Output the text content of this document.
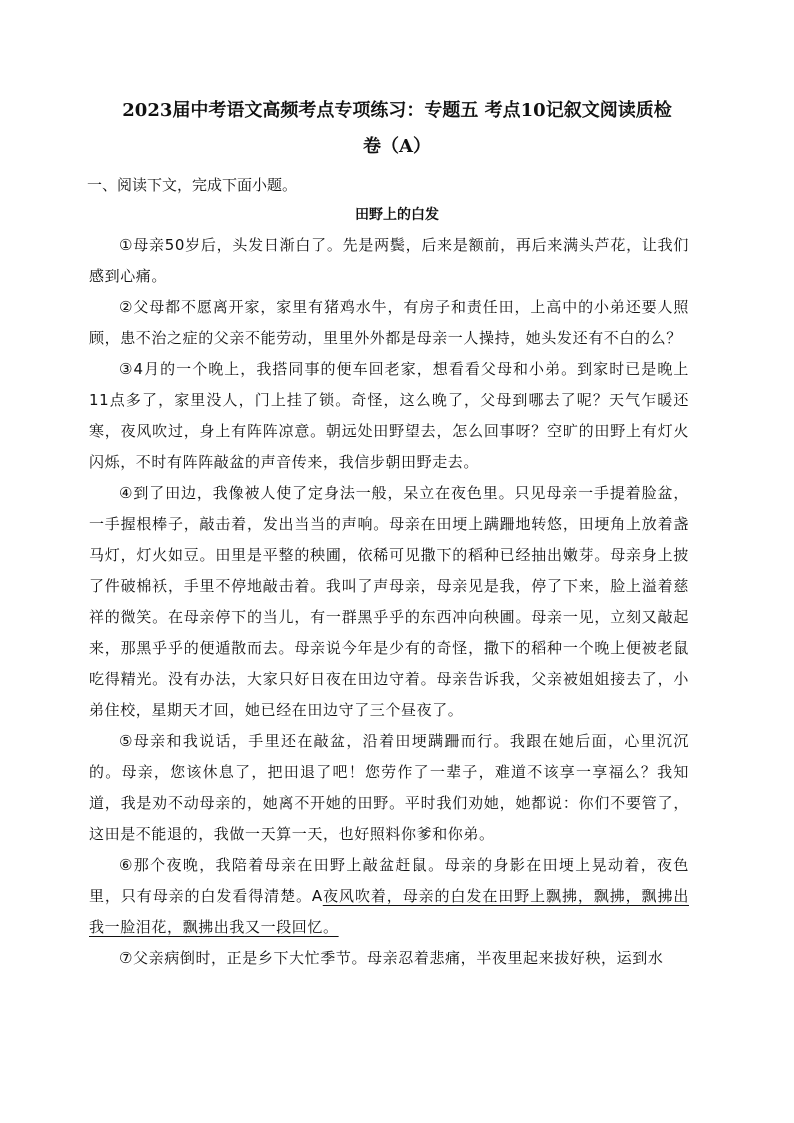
2023届中考语文高频考点专项练习：专题五 考点10记叙文阅读质检
卷（A）
一、阅读下文，完成下面小题。
田野上的白发

①母亲50岁后，头发日渐白了。先是两鬓，后来是额前，再后来满头芦花，让我们感到心痛。

②父母都不愿离开家，家里有猪鸡水牛，有房子和责任田，上高中的小弟还要人照顾，患不治之症的父亲不能劳动，里里外外都是母亲一人操持，她头发还有不白的么？

③4月的一个晚上，我搭同事的便车回老家，想看看父母和小弟。到家时已是晚上11点多了，家里没人，门上挂了锁。奇怪，这么晚了，父母到哪去了呢？天气乍暖还寒，夜风吹过，身上有阵阵凉意。朝远处田野望去，怎么回事呀？空旷的田野上有灯火闪烁，不时有阵阵敲盆的声音传来，我信步朝田野走去。

④到了田边，我像被人使了定身法一般，呆立在夜色里。只见母亲一手提着脸盆，一手握根棒子，敲击着，发出当当的声响。母亲在田埂上蹒跚地转悠，田埂角上放着盏马灯，灯火如豆。田里是平整的秧圃，依稀可见撒下的稻种已经抽出嫩芽。母亲身上披了件破棉袄，手里不停地敲击着。我叫了声母亲，母亲见是我，停了下来，脸上溢着慈祥的微笑。在母亲停下的当儿，有一群黑乎乎的东西冲向秧圃。母亲一见，立刻又敲起来，那黑乎乎的便遁散而去。母亲说今年是少有的奇怪，撒下的稻种一个晚上便被老鼠吃得精光。没有办法，大家只好日夜在田边守着。母亲告诉我，父亲被姐姐接去了，小弟住校，星期天才回，她已经在田边守了三个昼夜了。

⑤母亲和我说话，手里还在敲盆，沿着田埂蹒跚而行。我跟在她后面，心里沉沉的。母亲，您该休息了，把田退了吧！您劳作了一辈子，难道不该享一享福么？我知道，我是劝不动母亲的，她离不开她的田野。平时我们劝她，她都说：你们不要管了，这田是不能退的，我做一天算一天，也好照料你爹和你弟。

⑥那个夜晚，我陪着母亲在田野上敲盆赶鼠。母亲的身影在田埂上晃动着，夜色里，只有母亲的白发看得清楚。A夜风吹着，母亲的白发在田野上飘拂，飘拂，飘拂出我一脸泪花，飘拂出我又一段回忆。

⑦父亲病倒时，正是乡下大忙季节。母亲忍着悲痛，半夜里起来拔好秧，运到水
